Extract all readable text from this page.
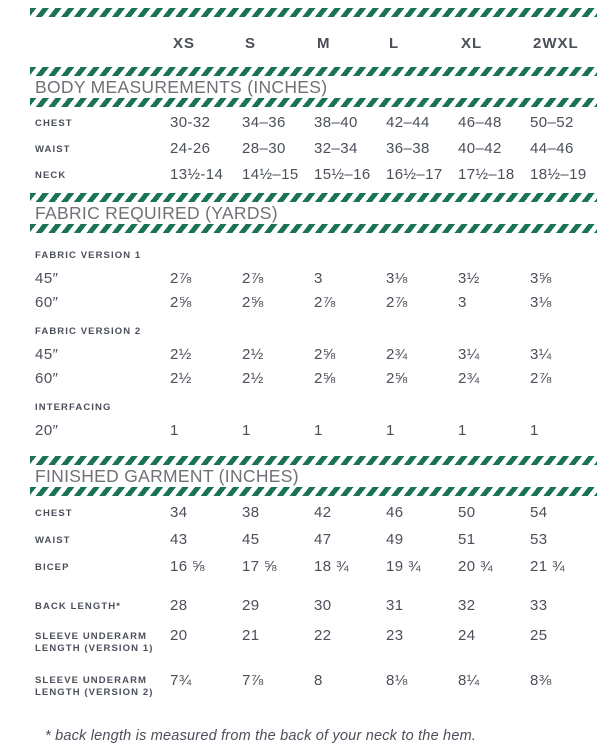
XS	S	M	L	XL	2WXL
BODY MEASUREMENTS (INCHES)
CHEST	30-32	34–36	38–40	42–44	46–48	50–52
WAIST	24-26	28–30	32–34	36–38	40–42	44–46
NECK	13½-14	14½–15	15½–16	16½–17	17½–18	18½–19
FABRIC REQUIRED (YARDS)
FABRIC VERSION 1
45″	2⅞	2⅞	3	3⅛	3½	3⅝
60″	2⅝	2⅝	2⅞	2⅞	3	3⅛
FABRIC VERSION 2
45″	2½	2½	2⅝	2¾	3¼	3¼
60″	2½	2½	2⅝	2⅝	2¾	2⅞
INTERFACING
20″	1	1	1	1	1	1
FINISHED GARMENT (INCHES)
CHEST	34	38	42	46	50	54
WAIST	43	45	47	49	51	53
BICEP	16 ⅝	17 ⅝	18 ¾	19 ¾	20 ¾	21 ¾
BACK LENGTH*	28	29	30	31	32	33
SLEEVE UNDERARM LENGTH (VERSION 1)
20	21	22	23	24	25
SLEEVE UNDERARM LENGTH (VERSION 2)
7¾	7⅞	8	8⅛	8¼	8⅜
* back length is measured from the back of your neck to the hem.
